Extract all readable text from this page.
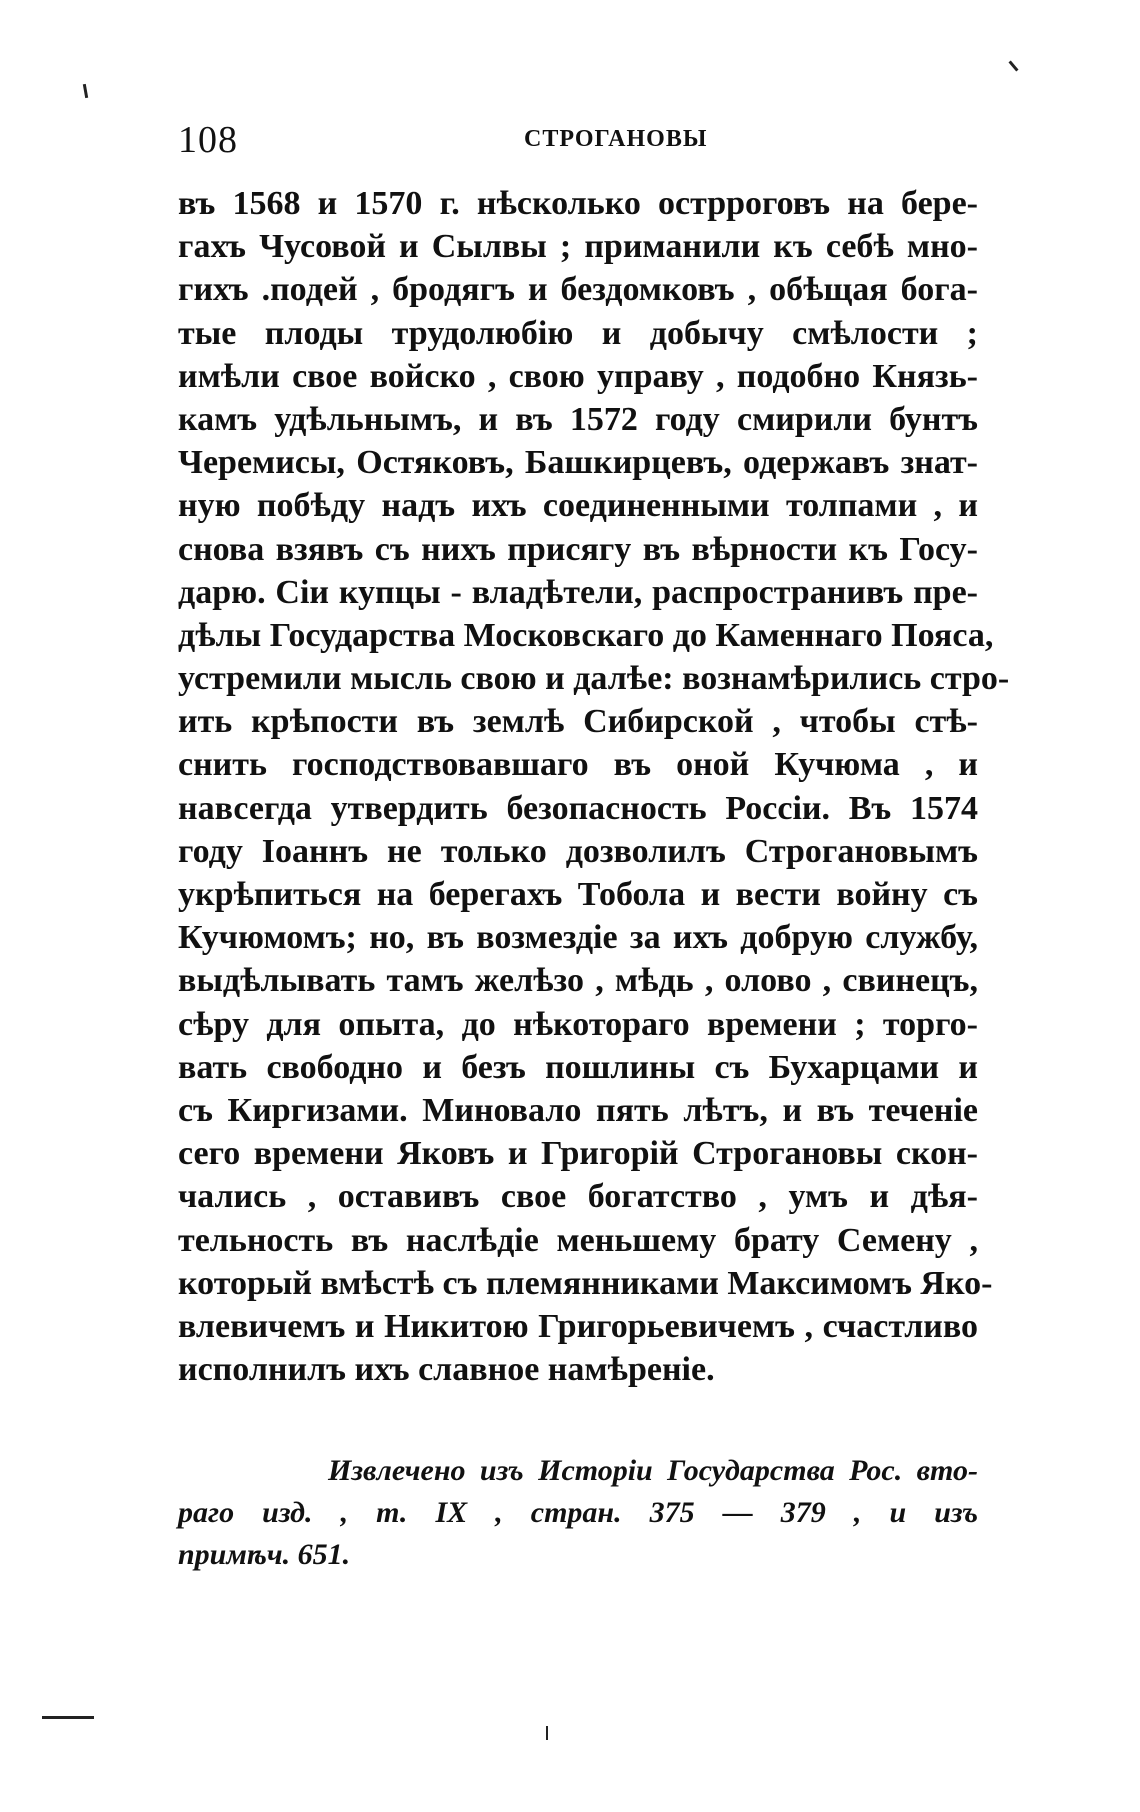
108	СТРОГАНОВЫ
въ 1568 и 1570 г. нѣсколько острроговъ на бере-
гахъ Чусовой и Сылвы ; приманили къ себѣ мно-
гихъ .подей , бродягъ и бездомковъ , обѣщая бога-
тые плоды трудолюбію и добычу смѣлости ;
имѣли свое войско , свою управу , подобно Князь-
камъ удѣльнымъ, и въ 1572 году смирили бунтъ
Черемисы, Остяковъ, Башкирцевъ, одержавъ знат-
ную побѣду надъ ихъ соединенными толпами , и
снова взявъ съ нихъ присягу въ вѣрности къ Госу-
дарю. Сіи купцы - владѣтели, распространивъ пре-
дѣлы Государства Московскаго до Каменнаго Пояса,
устремили мысль свою и далѣе: вознамѣрились стро-
ить крѣпости въ землѣ Сибирской , чтобы стѣ-
снить господствовавшаго въ оной Кучюма , и
навсегда утвердить безопасность Россіи. Въ 1574
году Іоаннъ не только дозволилъ Строгановымъ
укрѣпиться на берегахъ Тобола и вести войну съ
Кучюмомъ; но, въ возмездіе за ихъ добрую службу,
выдѣлывать тамъ желѣзо , мѣдь , олово , свинецъ,
сѣру для опыта, до нѣкотораго времени ; торго-
вать свободно и безъ пошлины съ Бухарцами и
съ Киргизами. Миновало пять лѣтъ, и въ теченіе
сего времени Яковъ и Григорій Строгановы скон-
чались , оставивъ свое богатство , умъ и дѣя-
тельность въ наслѣдіе меньшему брату Семену ,
который вмѣстѣ съ племянниками Максимомъ Яко-
влевичемъ и Никитою Григорьевичемъ , счастливо
исполнилъ ихъ славное намѣреніе.
Извлечено изъ Исторіи Государства Рос. вто-
раго изд. , т. IX , стран. 375 — 379 , и изъ
примѣч. 651.
